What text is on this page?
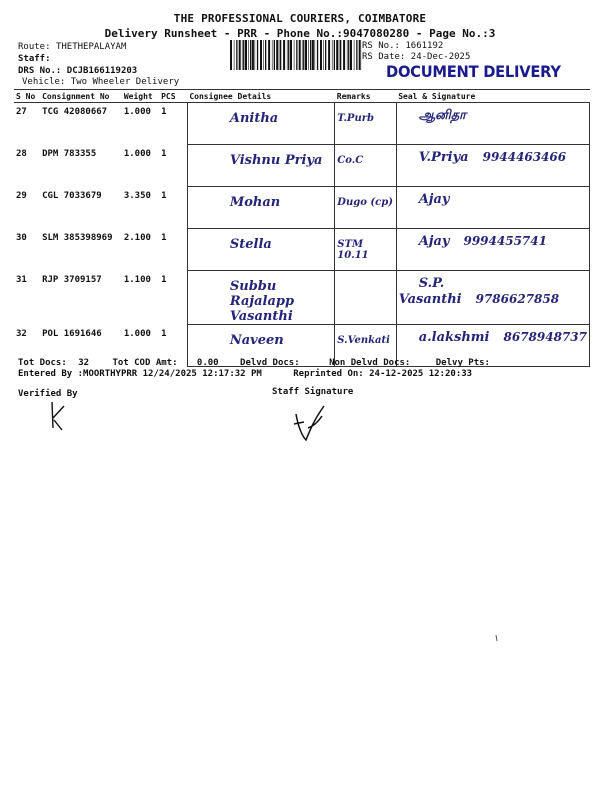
THE PROFESSIONAL COURIERS, COIMBATORE
Delivery Runsheet - PRR - Phone No.:9047080280 - Page No.:3
Route: THETHEPALAYAM
Staff:
DRS No.: DCJB166119203
Vehicle: Two Wheeler Delivery
RS No.: 1661192
RS Date: 24-Dec-2025
DOCUMENT DELIVERY
S No	Consignment No	Weight	PCS	Consignee Details	Remarks	Seal & Signature
27	TCG 42080667	1.000	1	Anitha	T.Purb	ஆனிதா
28	DPM 783355	1.000	1	Vishnu Priya	Co.C	V.Priya 9944463466
29	CGL 7033679	3.350	1	Mohan	Dugo (cp)	Ajay
30	SLM 385398969	2.100	1	Stella	STM 10.11	Ajay 9994455741
31	RJP 3709157	1.100	1	Subbu Rajalapp Vasanthi		S.P. Vasanthi 9786627858
32	POL 1691646	1.000	1	Naveen	S.Venkati	a.lakshmi 8678948737
Tot Docs: 32	Tot COD Amt: 0.00 Delvd Docs:	Non Delvd Docs:	Delvy Pts:
Entered By :MOORTHYPRR 12/24/2025 12:17:32 PM	Reprinted On: 24-12-2025 12:20:33
Verified By	Staff Signature
